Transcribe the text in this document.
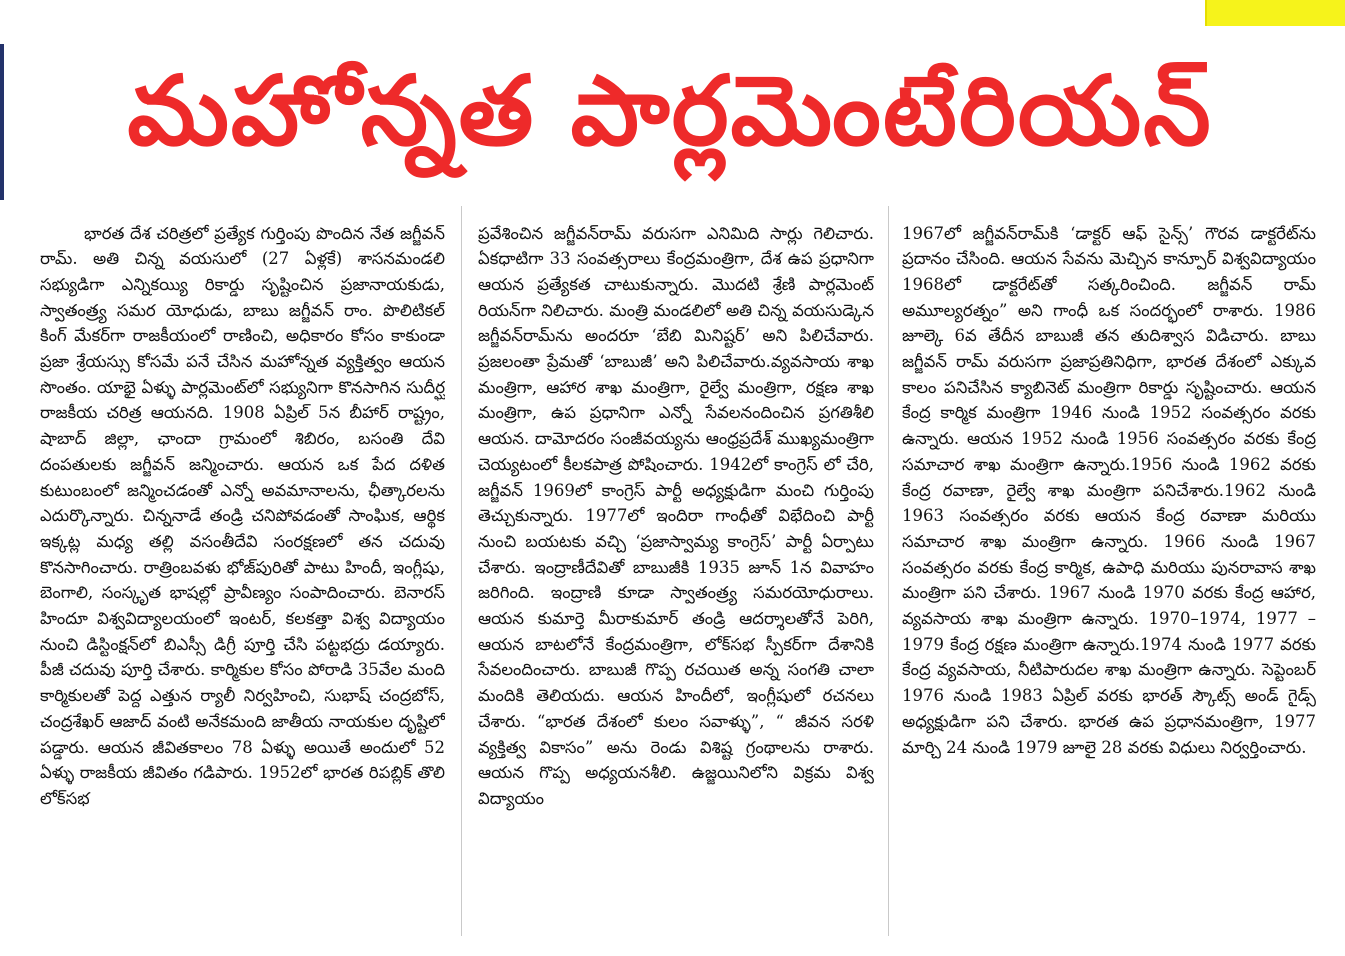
మహోన్నత పార్లమెంటేరియన్

భారత దేశ చరిత్రలో ప్రత్యేక గుర్తింపు పొందిన నేత జగ్జీవన్ రామ్. అతి చిన్న వయసులో (27 ఏళ్లకే) శాసనమండలి సభ్యుడిగా ఎన్నికయ్యి రికార్డు సృష్టించిన ప్రజానాయకుడు, స్వాతంత్ర్య సమర యోధుడు, బాబు జగ్జీవన్ రాం. పొలిటికల్ కింగ్ మేకర్‌గా రాజకీయంలో రాణించి, అధికారం కోసం కాకుండా ప్రజా శ్రేయస్సు కోసమే పనే చేసిన మహోన్నత వ్యక్తిత్వం ఆయన సొంతం. యాభై ఏళ్ళు పార్లమెంట్‌లో సభ్యునిగా కొనసాగిన సుదీర్ఘ రాజకీయ చరిత్ర ఆయనది. 1908 ఏప్రిల్ 5న బీహార్ రాష్ట్రం, షాబాద్ జిల్లా, ఛాందా గ్రామంలో శిబిరం, బసంతి దేవి దంపతులకు జగ్జీవన్ జన్మించారు. ఆయన ఒక పేద దళిత కుటుంబంలో జన్మించడంతో ఎన్నో అవమానాలను, ఛీత్కారలను ఎదుర్కొన్నారు. చిన్ననాడే తండ్రి చనిపోవడంతో సాంఘిక, ఆర్థిక ఇక్కట్ల మధ్య తల్లి వసంతీదేవి సంరక్షణలో తన చదువు కొనసాగించారు. రాత్రింబవళు భోజ్‌పురితో పాటు హిందీ, ఇంగ్లీషు, బెంగాలి, సంస్కృత భాషల్లో ప్రావీణ్యం సంపాదించారు. బెనారస్ హిందూ విశ్వవిద్యాలయంలో ఇంటర్, కలకత్తా విశ్వ విద్యాయం నుంచి డిస్టింక్షన్‌లో బిఎస్సీ డిగ్రీ పూర్తి చేసి పట్టభద్రు డయ్యారు. పీజీ చదువు పూర్తి చేశారు. కార్మికుల కోసం పోరాడి 35వేల మంది కార్మికులతో పెద్ద ఎత్తున ర్యాలీ నిర్వహించి, సుభాష్ చంద్రబోస్, చంద్రశేఖర్ ఆజాద్ వంటి అనేకమంది జాతీయ నాయకుల దృష్టిలో పడ్డారు. ఆయన జీవితకాలం 78 ఏళ్ళు అయితే అందులో 52 ఏళ్ళు రాజకీయ జీవితం గడిపారు. 1952లో భారత రిపబ్లిక్ తొలి లోక్‌సభ

ప్రవేశించిన జగ్జీవన్‌రామ్ వరుసగా ఎనిమిది సార్లు గెలిచారు. ఏకధాటిగా 33 సంవత్సరాలు కేంద్రమంత్రిగా, దేశ ఉప ప్రధానిగా ఆయన ప్రత్యేకత చాటుకున్నారు. మొదటి శ్రేణి పార్లమెంట్ రియన్‌గా నిలిచారు. మంత్రి మండలిలో అతి చిన్న వయసుడ్కెన జగ్జీవన్‌రామ్‌ను అందరూ ‘బేబి మినిష్టర్’ అని పిలిచేవారు. ప్రజలంతా ప్రేమతో ‘బాబుజీ’ అని పిలిచేవారు.వ్యవసాయ శాఖ మంత్రిగా, ఆహార శాఖ మంత్రిగా, రైల్వే మంత్రిగా, రక్షణ శాఖ మంత్రిగా, ఉప ప్రధానిగా ఎన్నో సేవలనందించిన ప్రగతిశీలి ఆయన. దామోదరం సంజీవయ్యను ఆంధ్రప్రదేశ్ ముఖ్యమంత్రిగా చెయ్యటంలో కీలకపాత్ర పోషించారు. 1942లో కాంగ్రెస్ లో చేరి, జగ్జీవన్ 1969లో కాంగ్రెస్ పార్టీ అధ్యక్షుడిగా మంచి గుర్తింపు తెచ్చుకున్నారు. 1977లో ఇందిరా గాంధీతో విభేదించి పార్టీ నుంచి బయటకు వచ్చి ‘ప్రజాస్వామ్య కాంగ్రెస్’ పార్టీ ఏర్పాటు చేశారు. ఇంద్రాణీదేవితో బాబుజీకి 1935 జూన్ 1న వివాహం జరిగింది. ఇంద్రాణి కూడా స్వాతంత్ర్య సమరయోధురాలు. ఆయన కుమార్తె మీరాకుమార్ తండ్రి ఆదర్శాలతోనే పెరిగి, ఆయన బాటలోనే కేంద్రమంత్రిగా, లోక్‌సభ స్పీకర్‌గా దేశానికి సేవలందించారు. బాబుజీ గొప్ప రచయిత అన్న సంగతి చాలా మందికి తెలియదు. ఆయన హిందీలో, ఇంగ్లీషులో రచనలు చేశారు. “భారత దేశంలో కులం సవాళ్ళు”, “ జీవన సరళి వ్యక్తిత్వ వికాసం” అను రెండు విశిష్ట గ్రంథాలను రాశారు. ఆయన గొప్ప అధ్యయనశీలి. ఉజ్జయినిలోని విక్రమ విశ్వ విద్యాయం

1967లో జగ్జీవన్‌రామ్‌కి ‘డాక్టర్ ఆఫ్ సైన్స్’ గౌరవ డాక్టరేట్‌ను ప్రదానం చేసింది. ఆయన సేవను మెచ్చిన కాన్పూర్ విశ్వవిద్యాయం 1968లో డాక్టరేట్‌తో సత్కరించింది. జగ్జీవన్ రామ్ అమూల్యరత్నం” అని గాంధీ ఒక సందర్భంలో రాశారు. 1986 జూల్కె 6వ తేదీన బాబుజీ తన తుదిశ్వాస విడిచారు. బాబు జగ్జీవన్ రామ్ వరుసగా ప్రజాప్రతినిధిగా, భారత దేశంలో ఎక్కువ కాలం పనిచేసిన క్యాబినెట్ మంత్రిగా రికార్డు సృష్టించారు. ఆయన కేంద్ర కార్మిక మంత్రిగా 1946 నుండి 1952 సంవత్సరం వరకు ఉన్నారు. ఆయన 1952 నుండి 1956 సంవత్సరం వరకు కేంద్ర సమాచార శాఖ మంత్రిగా ఉన్నారు.1956 నుండి 1962 వరకు కేంద్ర రవాణా, రైల్వే శాఖ మంత్రిగా పనిచేశారు.1962 నుండి 1963 సంవత్సరం వరకు ఆయన కేంద్ర రవాణా మరియు సమాచార శాఖ మంత్రిగా ఉన్నారు. 1966 నుండి 1967 సంవత్సరం వరకు కేంద్ర కార్మిక, ఉపాధి మరియు పునరావాస శాఖ మంత్రిగా పని చేశారు. 1967 నుండి 1970 వరకు కేంద్ర ఆహార, వ్యవసాయ శాఖ మంత్రిగా ఉన్నారు. 1970–1974, 1977 – 1979 కేంద్ర రక్షణ మంత్రిగా ఉన్నారు.1974 నుండి 1977 వరకు కేంద్ర వ్యవసాయ, నీటిపారుదల శాఖ మంత్రిగా ఉన్నారు. సెప్టెంబర్ 1976 నుండి 1983 ఏప్రిల్ వరకు భారత్ స్కౌట్స్ అండ్ గైడ్స్ అధ్యక్షుడిగా పని చేశారు. భారత ఉప ప్రధానమంత్రిగా, 1977 మార్చి 24 నుండి 1979 జూలై 28 వరకు విధులు నిర్వర్తించారు.
